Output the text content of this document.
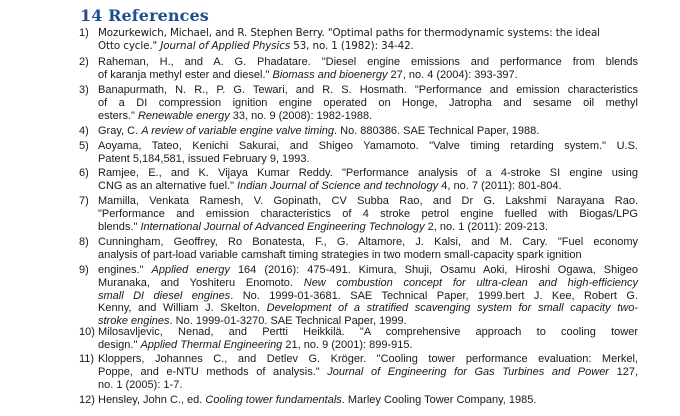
14 References
1) Mozurkewich, Michael, and R. Stephen Berry. "Optimal paths for thermodynamic systems: the ideal
Otto cycle." Journal of Applied Physics 53, no. 1 (1982): 34-42.
2) Raheman, H., and A. G. Phadatare. "Diesel engine emissions and performance from blends
of karanja methyl ester and diesel." Biomass and bioenergy 27, no. 4 (2004): 393-397.
3) Banapurmath, N. R., P. G. Tewari, and R. S. Hosmath. "Performance and emission characteristics
of a DI compression ignition engine operated on Honge, Jatropha and sesame oil methyl
esters." Renewable energy 33, no. 9 (2008): 1982-1988.
4) Gray, C. A review of variable engine valve timing. No. 880386. SAE Technical Paper, 1988.
5) Aoyama, Tateo, Kenichi Sakurai, and Shigeo Yamamoto. "Valve timing retarding system." U.S.
Patent 5,184,581, issued February 9, 1993.
6) Ramjee, E., and K. Vijaya Kumar Reddy. "Performance analysis of a 4-stroke SI engine using
CNG as an alternative fuel." Indian Journal of Science and technology 4, no. 7 (2011): 801-804.
7) Mamilla, Venkata Ramesh, V. Gopinath, CV Subba Rao, and Dr G. Lakshmi Narayana Rao.
"Performance and emission characteristics of 4 stroke petrol engine fuelled with Biogas/LPG
blends." International Journal of Advanced Engineering Technology 2, no. 1 (2011): 209-213.
8) Cunningham, Geoffrey, Ro Bonatesta, F., G. Altamore, J. Kalsi, and M. Cary. "Fuel economy
analysis of part-load variable camshaft timing strategies in two modern small-capacity spark ignition
9) engines." Applied energy 164 (2016): 475-491. Kimura, Shuji, Osamu Aoki, Hiroshi Ogawa, Shigeo
Muranaka, and Yoshiteru Enomoto. New combustion concept for ultra-clean and high-efficiency
small DI diesel engines. No. 1999-01-3681. SAE Technical Paper, 1999.bert J. Kee, Robert G.
Kenny, and William J. Skelton. Development of a stratified scavenging system for small capacity two-
stroke engines. No. 1999-01-3270. SAE Technical Paper, 1999.
10) Milosavljevic, Nenad, and Pertti Heikkilä. "A comprehensive approach to cooling tower
design." Applied Thermal Engineering 21, no. 9 (2001): 899-915.
11) Kloppers, Johannes C., and Detlev G. Kröger. "Cooling tower performance evaluation: Merkel,
Poppe, and e-NTU methods of analysis." Journal of Engineering for Gas Turbines and Power 127,
no. 1 (2005): 1-7.
12) Hensley, John C., ed. Cooling tower fundamentals. Marley Cooling Tower Company, 1985.
